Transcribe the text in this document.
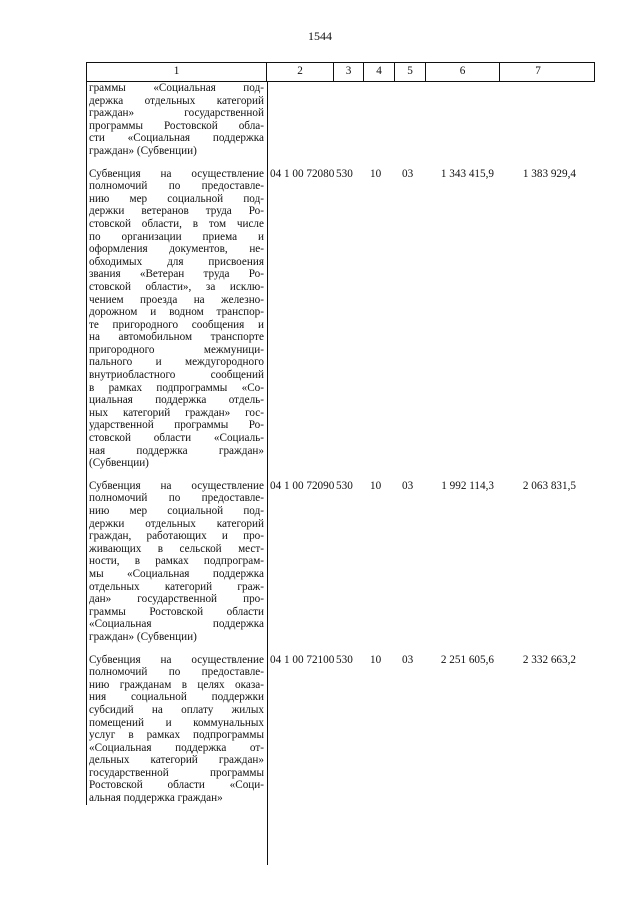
1544
1	2	3	4	5	6	7
граммы «Социальная под-
держка отдельных категорий
граждан» государственной
программы Ростовской обла-
сти «Социальная поддержка
граждан» (Субвенции)
Субвенция на осуществление
полномочий по предоставле-
нию мер социальной под-
держки ветеранов труда Ро-
стовской области, в том числе
по организации приема и
оформления документов, не-
обходимых для присвоения
звания «Ветеран труда Ро-
стовской области», за исклю-
чением проезда на железно-
дорожном и водном транспор-
те пригородного сообщения и
на автомобильном транспорте
пригородного межмуници-
пального и междугородного
внутриобластного сообщений
в рамках подпрограммы «Со-
циальная поддержка отдель-
ных категорий граждан» гос-
ударственной программы Ро-
стовской области «Социаль-
ная поддержка граждан»
(Субвенции)
04 1 00 72080 530	10	03	1 343 415,9	1 383 929,4
Субвенция на осуществление
полномочий по предоставле-
нию мер социальной под-
держки отдельных категорий
граждан, работающих и про-
живающих в сельской мест-
ности, в рамках подпрограм-
мы «Социальная поддержка
отдельных категорий граж-
дан» государственной про-
граммы Ростовской области
«Социальная поддержка
граждан» (Субвенции)
04 1 00 72090 530	10	03	1 992 114,3	2 063 831,5
Субвенция на осуществление
полномочий по предоставле-
нию гражданам в целях оказа-
ния социальной поддержки
субсидий на оплату жилых
помещений и коммунальных
услуг в рамках подпрограммы
«Социальная поддержка от-
дельных категорий граждан»
государственной программы
Ростовской области «Соци-
альная поддержка граждан»
04 1 00 72100 530	10	03	2 251 605,6	2 332 663,2
